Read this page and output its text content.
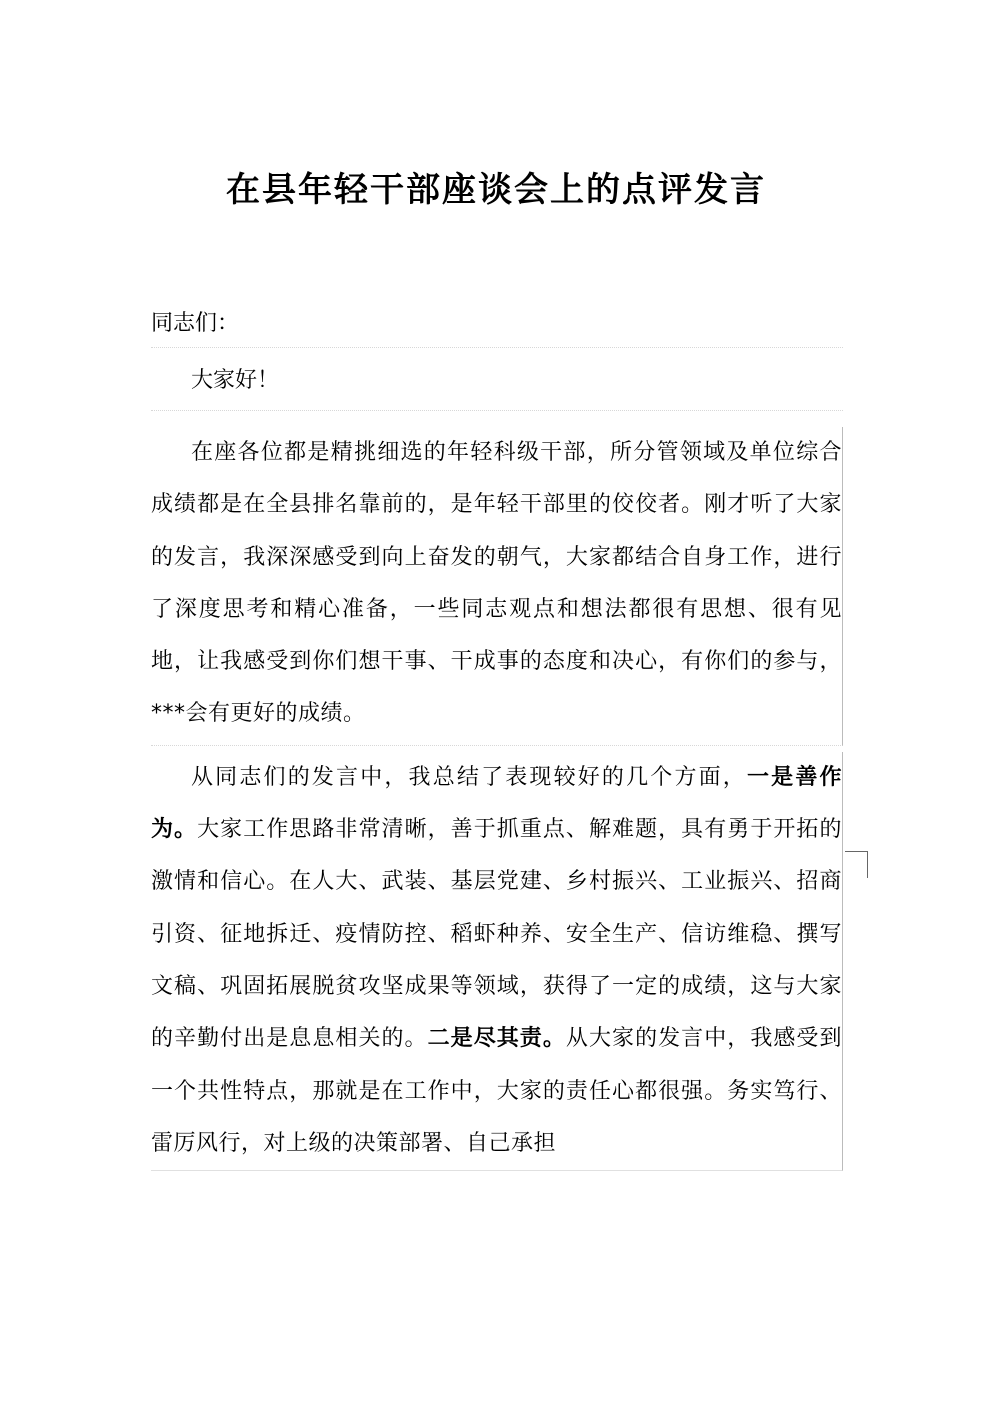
在县年轻干部座谈会上的点评发言
同志们：
大家好！
在座各位都是精挑细选的年轻科级干部，所分管领域及单位综合成绩都是在全县排名靠前的，是年轻干部里的佼佼者。刚才听了大家的发言，我深深感受到向上奋发的朝气，大家都结合自身工作，进行了深度思考和精心准备，一些同志观点和想法都很有思想、很有见地，让我感受到你们想干事、干成事的态度和决心，有你们的参与，***会有更好的成绩。
从同志们的发言中，我总结了表现较好的几个方面，一是善作为。大家工作思路非常清晰，善于抓重点、解难题，具有勇于开拓的激情和信心。在人大、武装、基层党建、乡村振兴、工业振兴、招商引资、征地拆迁、疫情防控、稻虾种养、安全生产、信访维稳、撰写文稿、巩固拓展脱贫攻坚成果等领域，获得了一定的成绩，这与大家的辛勤付出是息息相关的。二是尽其责。从大家的发言中，我感受到一个共性特点，那就是在工作中，大家的责任心都很强。务实笃行、雷厉风行，对上级的决策部署、自己承担
